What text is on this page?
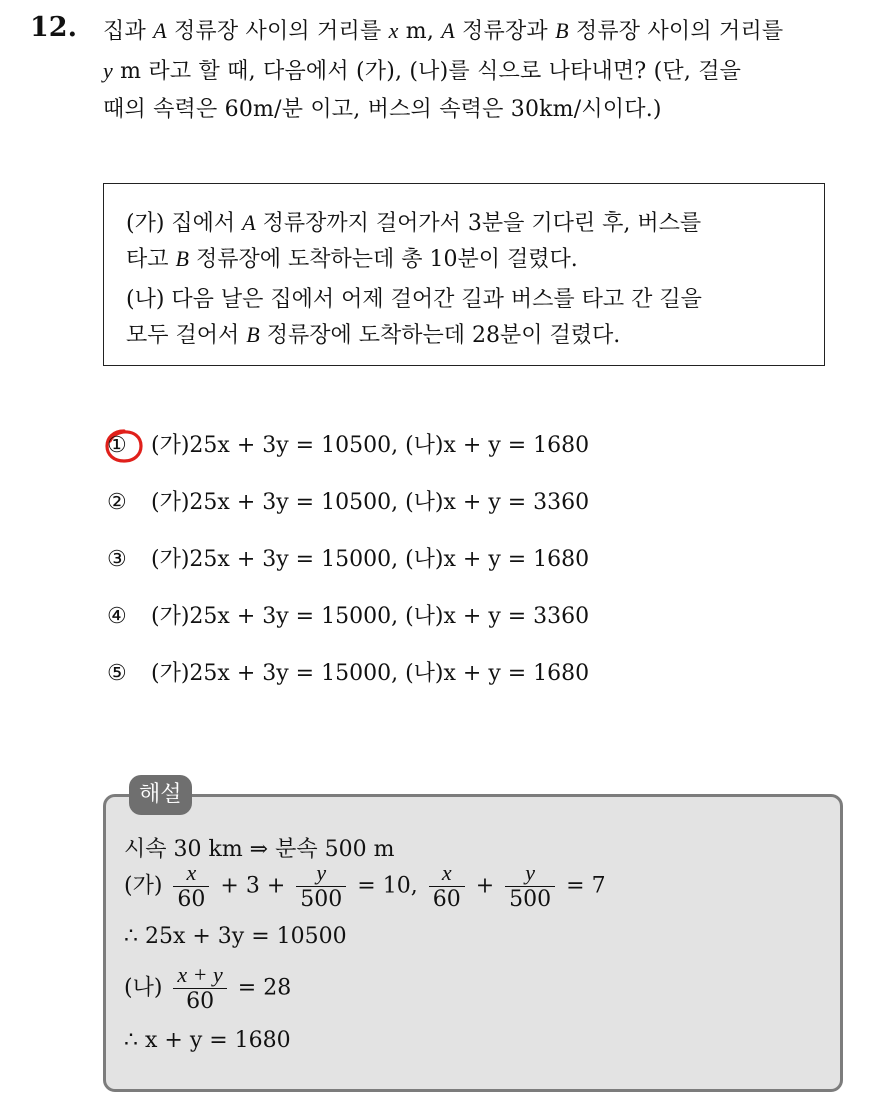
12. 집과 A 정류장 사이의 거리를 x m, A 정류장과 B 정류장 사이의 거리를
y m 라고 할 때, 다음에서 (가), (나)를 식으로 나타내면? (단, 걸을
때의 속력은 60m/분 이고, 버스의 속력은 30km/시이다.)
(가) 집에서 A 정류장까지 걸어가서 3분을 기다린 후, 버스를
타고 B 정류장에 도착하는데 총 10분이 걸렸다.
(나) 다음 날은 집에서 어제 걸어간 길과 버스를 타고 간 길을
모두 걸어서 B 정류장에 도착하는데 28분이 걸렸다.
① (가)25x + 3y = 10500, (나)x + y = 1680
② (가)25x + 3y = 10500, (나)x + y = 3360
③ (가)25x + 3y = 15000, (나)x + y = 1680
④ (가)25x + 3y = 15000, (나)x + y = 3360
⑤ (가)25x + 3y = 15000, (나)x + y = 1680
해설
시속 30 km ⇒ 분속 500 m
(가) $\frac{x}{60} + 3 + \frac{y}{500} = 10$, $\frac{x}{60} + \frac{y}{500} = 7$
∴ 25x + 3y = 10500
(나) $\frac{x + y}{60} = 28$
∴ x + y = 1680
